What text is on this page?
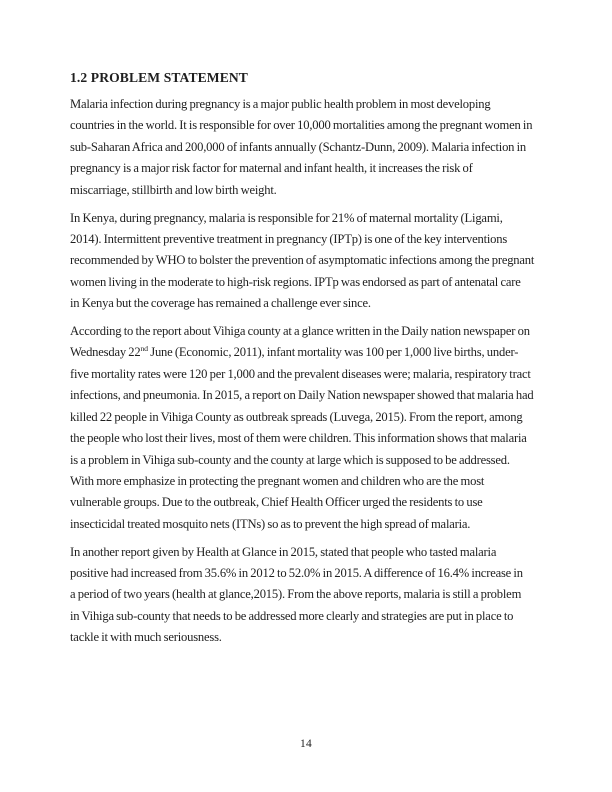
1.2 PROBLEM STATEMENT

Malaria infection during pregnancy is a major public health problem in most developing
countries in the world. It is responsible for over 10,000 mortalities among the pregnant women in
sub-Saharan Africa and 200,000 of infants annually (Schantz-Dunn, 2009). Malaria infection in
pregnancy is a major risk factor for maternal and infant health, it increases the risk of
miscarriage, stillbirth and low birth weight.

In Kenya, during pregnancy, malaria is responsible for 21% of maternal mortality (Ligami,
2014). Intermittent preventive treatment in pregnancy (IPTp) is one of the key interventions
recommended by WHO to bolster the prevention of asymptomatic infections among the pregnant
women living in the moderate to high-risk regions. IPTp was endorsed as part of antenatal care
in Kenya but the coverage has remained a challenge ever since.

According to the report about Vihiga county at a glance written in the Daily nation newspaper on
Wednesday 22nd June (Economic, 2011), infant mortality was 100 per 1,000 live births, under-
five mortality rates were 120 per 1,000 and the prevalent diseases were; malaria, respiratory tract
infections, and pneumonia. In 2015, a report on Daily Nation newspaper showed that malaria had
killed 22 people in Vihiga County as outbreak spreads (Luvega, 2015). From the report, among
the people who lost their lives, most of them were children. This information shows that malaria
is a problem in Vihiga sub-county and the county at large which is supposed to be addressed.
With more emphasize in protecting the pregnant women and children who are the most
vulnerable groups. Due to the outbreak, Chief Health Officer urged the residents to use
insecticidal treated mosquito nets (ITNs) so as to prevent the high spread of malaria.

In another report given by Health at Glance in 2015, stated that people who tasted malaria
positive had increased from 35.6% in 2012 to 52.0% in 2015. A difference of 16.4% increase in
a period of two years (health at glance,2015). From the above reports, malaria is still a problem
in Vihiga sub-county that needs to be addressed more clearly and strategies are put in place to
tackle it with much seriousness.

14
